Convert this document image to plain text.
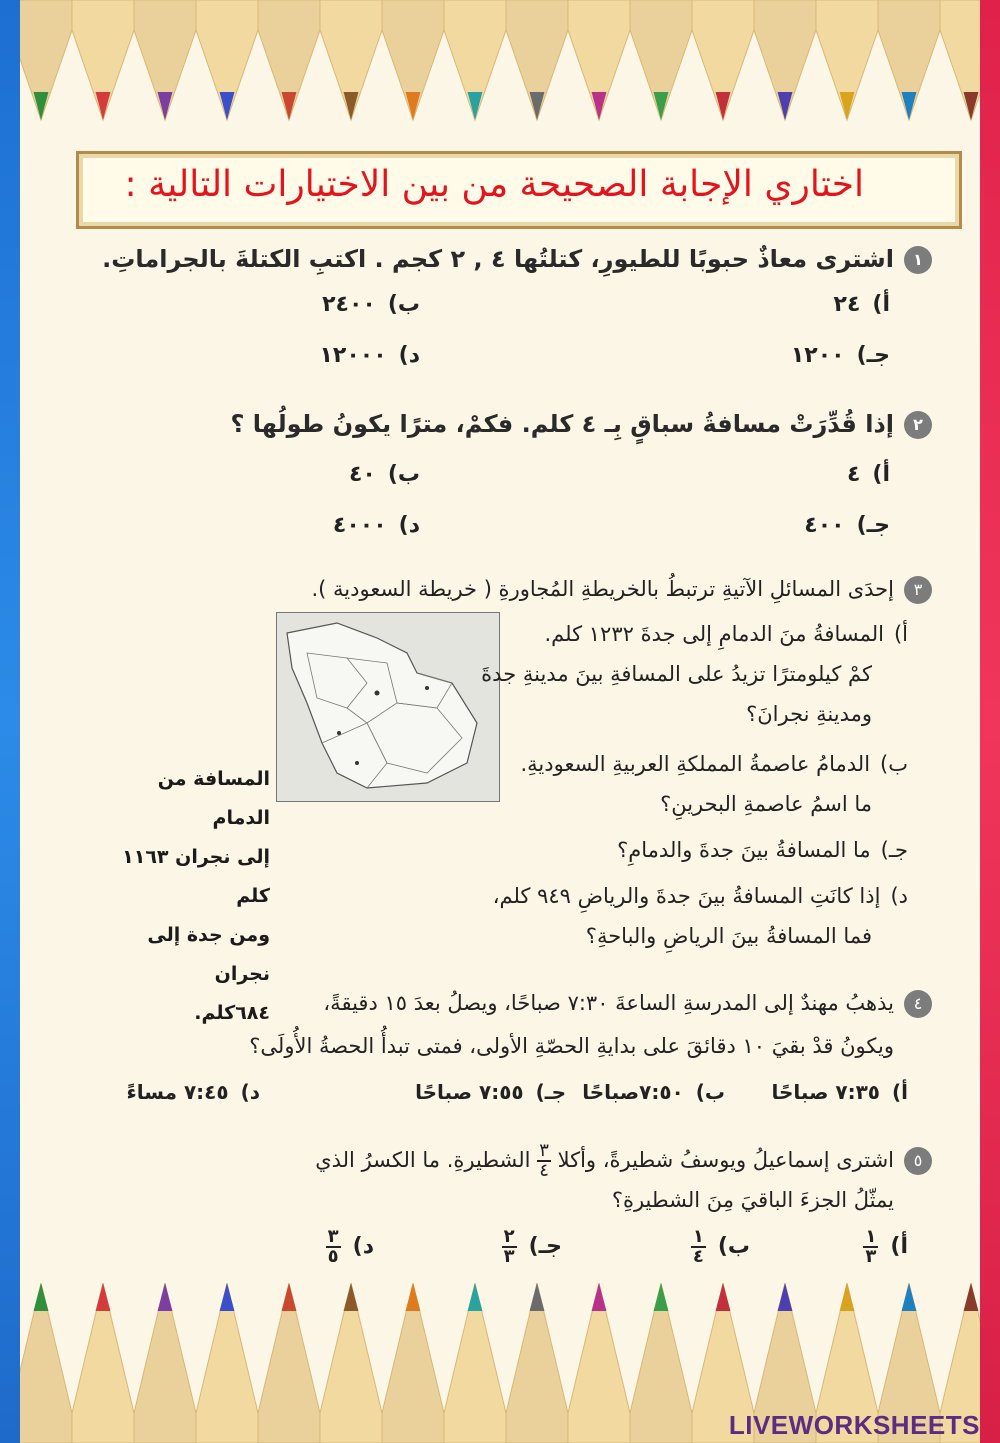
اختاري الإجابة الصحيحة من بين الاختيارات التالية :
١اشترى معاذٌ حبوبًا للطيورِ، كتلتُها ٤ , ٢ كجم . اكتبِ الكتلةَ بالجراماتِ.
أ)٢٤
ب)٢٤٠٠
جـ)١٢٠٠
د)١٢٠٠٠
٢إذا قُدِّرَتْ مسافةُ سباقٍ بِـ ٤ كلم. فكمْ، مترًا يكونُ طولُها ؟
أ)٤
ب)٤٠
جـ)٤٠٠
د)٤٠٠٠
٣إحدَى المسائلِ الآتيةِ ترتبطُ بالخريطةِ المُجاورةِ ( خريطة السعودية ).
أ)المسافةُ منَ الدمامِ إلى جدةَ ١٢٣٢ كلم.
كمْ كيلومترًا تزيدُ على المسافةِ بينَ مدينةِ جدةَ
ومدينةِ نجرانَ؟
ب)الدمامُ عاصمةُ المملكةِ العربيةِ السعوديةِ.
ما اسمُ عاصمةِ البحرينِ؟
جـ)ما المسافةُ بينَ جدةَ والدمامِ؟
د)إذا كانَتِ المسافةُ بينَ جدةَ والرياضِ ٩٤٩ كلم،
فما المسافةُ بينَ الرياضِ والباحةِ؟
المسافة من الدمام
إلى نجران ١١٦٣ كلم
ومن جدة إلى نجران
٦٨٤كلم.	٤يذهبُ مهندٌ إلى المدرسةِ الساعةَ ٧:٣٠ صباحًا، ويصلُ بعدَ ١٥ دقيقةً،
ويكونُ قدْ بقيَ ١٠ دقائقَ على بدايةِ الحصّةِ الأولى، فمتى تبدأُ الحصةُ الأُولَى؟
أ)٧:٣٥ صباحًا
ب)٧:٥٠صباحًا
جـ)٧:٥٥ صباحًا
د)٧:٤٥ مساءً
٥اشترى إسماعيلُ ويوسفُ شطيرةً، وأكلا
$\frac{٣}{٤}$
الشطيرةِ. ما الكسرُ الذي
يمثّلُ الجزءَ الباقيَ مِنَ الشطيرةِ؟
أ)
$\frac{١}{٣}$
ب)
$\frac{١}{٤}$
جـ)
$\frac{٢}{٣}$
د)
$\frac{٣}{٥}$
LIVEWORKSHEETS
